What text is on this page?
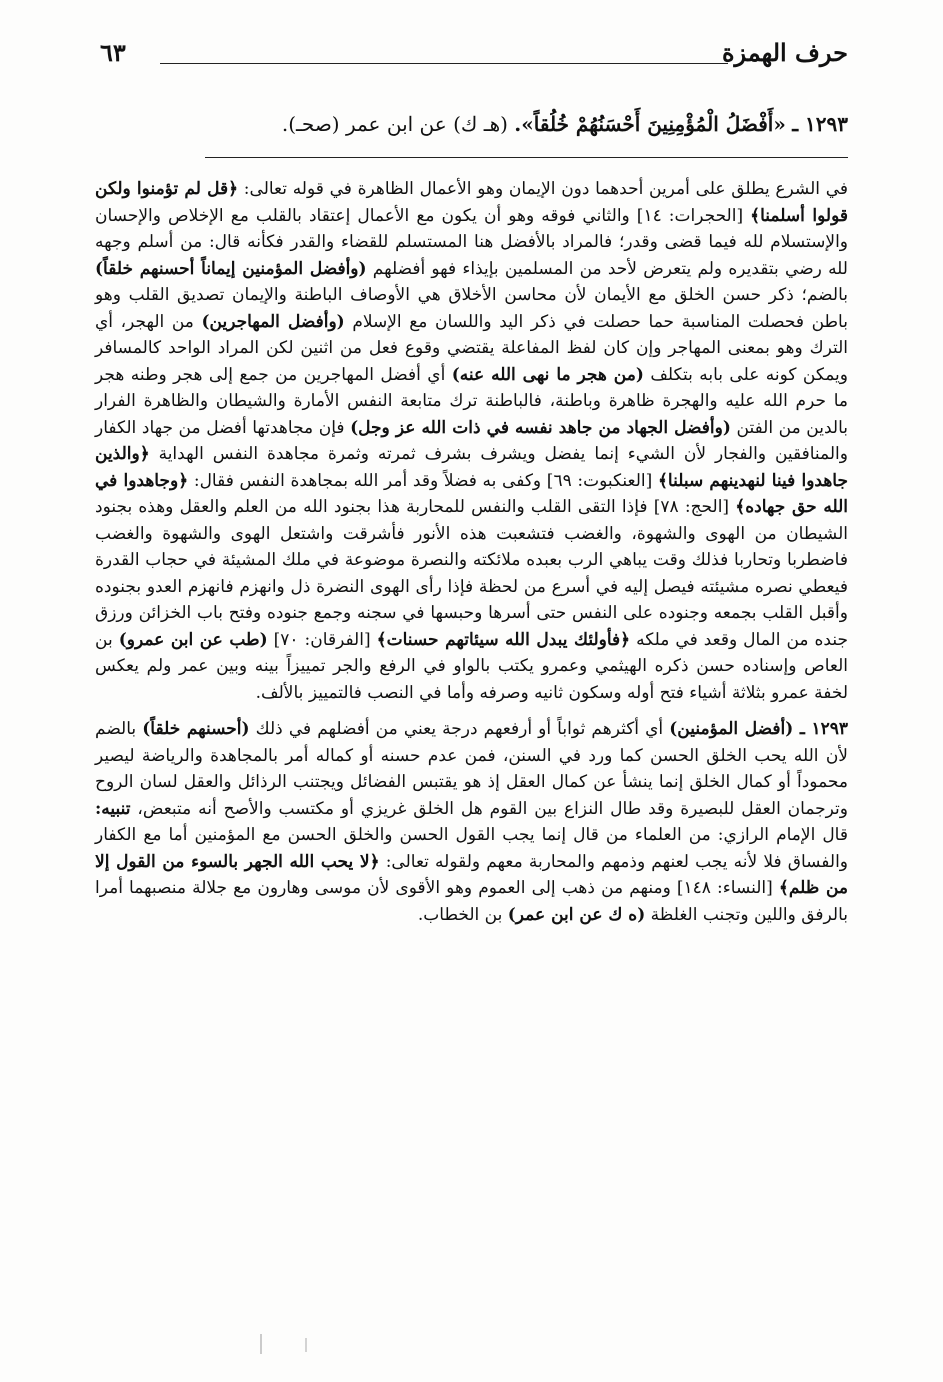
حرف الهمزة
٦٣
١٢٩٣ ـ «أَفْضَلُ الْمُؤْمِنِينَ أَحْسَنُهُمْ خُلُقاً». (هـ ك) عن ابن عمر (صحـ).

في الشرع يطلق على أمرين أحدهما دون الإيمان وهو الأعمال الظاهرة في قوله تعالى: ﴿قل لم تؤمنوا ولكن قولوا أسلمنا﴾ [الحجرات: ١٤] والثاني فوقه وهو أن يكون مع الأعمال إعتقاد بالقلب مع الإخلاص والإحسان والإستسلام لله فيما قضى وقدر؛ فالمراد بالأفضل هنا المستسلم للقضاء والقدر فكأنه قال: من أسلم وجهه لله رضي بتقديره ولم يتعرض لأحد من المسلمين بإيذاء فهو أفضلهم (وأفضل المؤمنين إيماناً أحسنهم خلقاً) بالضم؛ ذكر حسن الخلق مع الأيمان لأن محاسن الأخلاق هي الأوصاف الباطنة والإيمان تصديق القلب وهو باطن فحصلت المناسبة حما حصلت في ذكر اليد واللسان مع الإسلام (وأفضل المهاجرين) من الهجر، أي الترك وهو بمعنى المهاجر وإن كان لفظ المفاعلة يقتضي وقوع فعل من اثنين لكن المراد الواحد كالمسافر ويمكن كونه على بابه بتكلف (من هجر ما نهى الله عنه) أي أفضل المهاجرين من جمع إلى هجر وطنه هجر ما حرم الله عليه والهجرة ظاهرة وباطنة، فالباطنة ترك متابعة النفس الأمارة والشيطان والظاهرة الفرار بالدين من الفتن (وأفضل الجهاد من جاهد نفسه في ذات الله عز وجل) فإن مجاهدتها أفضل من جهاد الكفار والمنافقين والفجار لأن الشيء إنما يفضل ويشرف بشرف ثمرته وثمرة مجاهدة النفس الهداية ﴿والذين جاهدوا فينا لنهدينهم سبلنا﴾ [العنكبوت: ٦٩] وكفى به فضلاً وقد أمر الله بمجاهدة النفس فقال: ﴿وجاهدوا في الله حق جهاده﴾ [الحج: ٧٨] فإذا التقى القلب والنفس للمحاربة هذا بجنود الله من العلم والعقل وهذه بجنود الشيطان من الهوى والشهوة، والغضب فتشعبت هذه الأنور فأشرقت واشتعل الهوى والشهوة والغضب فاضطربا وتحاربا فذلك وقت يباهي الرب بعبده ملائكته والنصرة موضوعة في ملك المشيئة في حجاب القدرة فيعطي نصره مشيئته فيصل إليه في أسرع من لحظة فإذا رأى الهوى النضرة ذل وانهزم فانهزم العدو بجنوده وأقبل القلب بجمعه وجنوده على النفس حتى أسرها وحبسها في سجنه وجمع جنوده وفتح باب الخزائن ورزق جنده من المال وقعد في ملكه ﴿فأولئك يبدل الله سيئاتهم حسنات﴾ [الفرقان: ٧٠] (طب عن ابن عمرو) بن العاص وإسناده حسن ذكره الهيثمي وعمرو يكتب بالواو في الرفع والجر تمييزاً بينه وبين عمر ولم يعكس لخفة عمرو بثلاثة أشياء فتح أوله وسكون ثانيه وصرفه وأما في النصب فالتمييز بالألف.

١٢٩٣ ـ (أفضل المؤمنين) أي أكثرهم ثواباً أو أرفعهم درجة يعني من أفضلهم في ذلك (أحسنهم خلقاً) بالضم لأن الله يحب الخلق الحسن كما ورد في السنن، فمن عدم حسنه أو كماله أمر بالمجاهدة والرياضة ليصير محموداً أو كمال الخلق إنما ينشأ عن كمال العقل إذ هو يقتبس الفضائل ويجتنب الرذائل والعقل لسان الروح وترجمان العقل للبصيرة وقد طال النزاع بين القوم هل الخلق غريزي أو مكتسب والأصح أنه متبعض، تنبيه: قال الإمام الرازي: من العلماء من قال إنما يجب القول الحسن والخلق الحسن مع المؤمنين أما مع الكفار والفساق فلا لأنه يجب لعنهم وذمهم والمحاربة معهم ولقوله تعالى: ﴿لا يحب الله الجهر بالسوء من القول إلا من ظلم﴾ [النساء: ١٤٨] ومنهم من ذهب إلى العموم وهو الأقوى لأن موسى وهارون مع جلالة منصبهما أمرا بالرفق واللين وتجنب الغلظة (ه ك عن ابن عمر) بن الخطاب.
